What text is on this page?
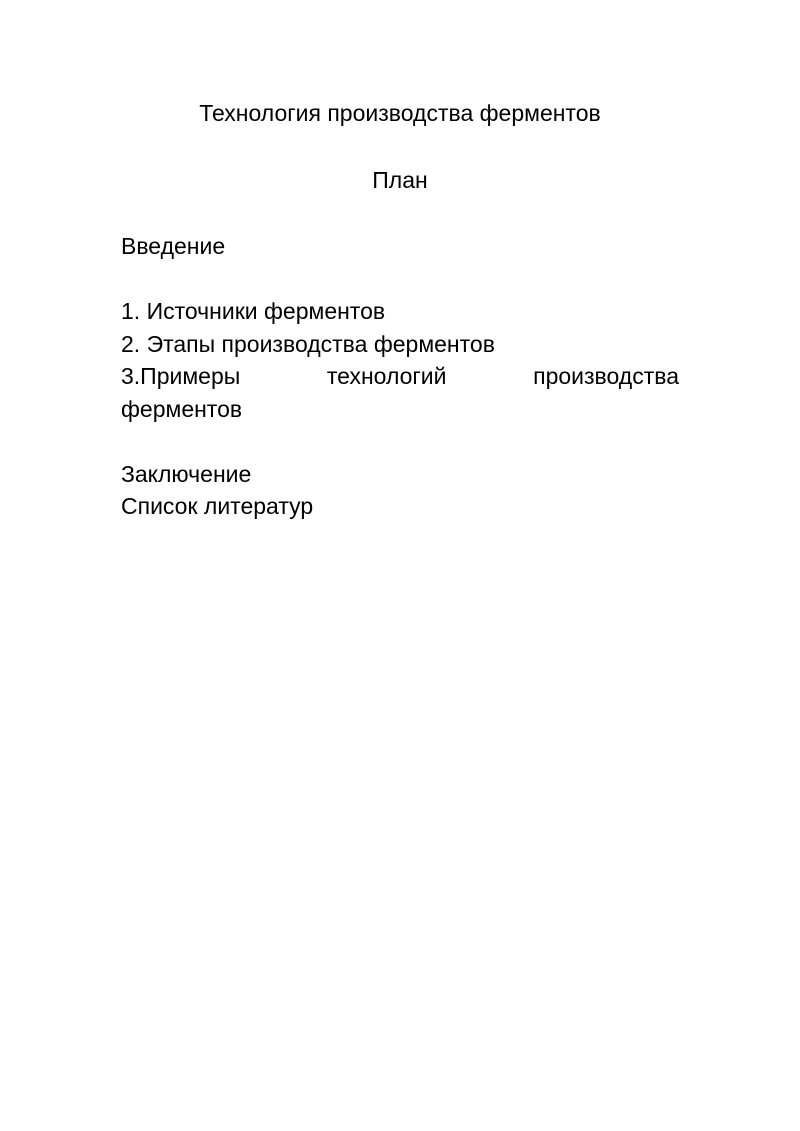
Технология производства ферментов
План
Введение
1. Источники ферментов
2. Этапы производства ферментов
3.Примеры	технологий	производства
ферментов
Заключение
Список литератур
